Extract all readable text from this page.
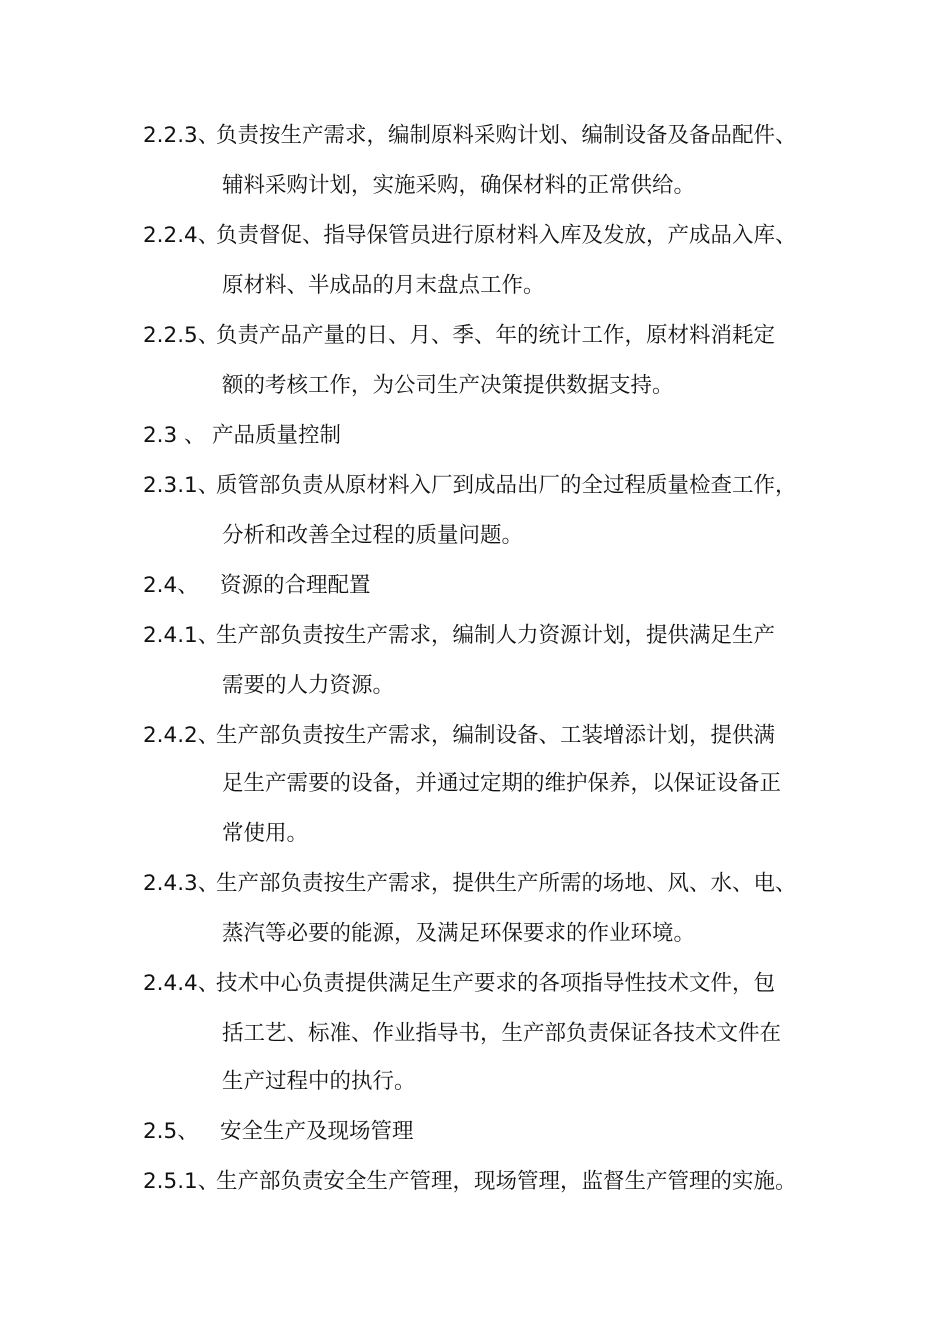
2.2.3、
负责按生产需求，编制原料采购计划、编制设备及备品配件、
辅料采购计划，实施采购，确保材料的正常供给。
2.2.4、
负责督促、指导保管员进行原材料入库及发放，产成品入库、
原材料、半成品的月末盘点工作。
2.2.5、
负责产品产量的日、月、季、年的统计工作，原材料消耗定
额的考核工作，为公司生产决策提供数据支持。
2.3 、 产品质量控制
2.3.1、
质管部负责从原材料入厂到成品出厂的全过程质量检查工作，
分析和改善全过程的质量问题。
2.4、 资源的合理配置
2.4.1、
生产部负责按生产需求，编制人力资源计划，提供满足生产
需要的人力资源。
2.4.2、
生产部负责按生产需求，编制设备、工装增添计划，提供满
足生产需要的设备，并通过定期的维护保养，以保证设备正
常使用。
2.4.3、
生产部负责按生产需求，提供生产所需的场地、风、水、电、
蒸汽等必要的能源，及满足环保要求的作业环境。
2.4.4、
技术中心负责提供满足生产要求的各项指导性技术文件，包
括工艺、标准、作业指导书，生产部负责保证各技术文件在
生产过程中的执行。
2.5、 安全生产及现场管理
2.5.1、
生产部负责安全生产管理，现场管理，监督生产管理的实施。
